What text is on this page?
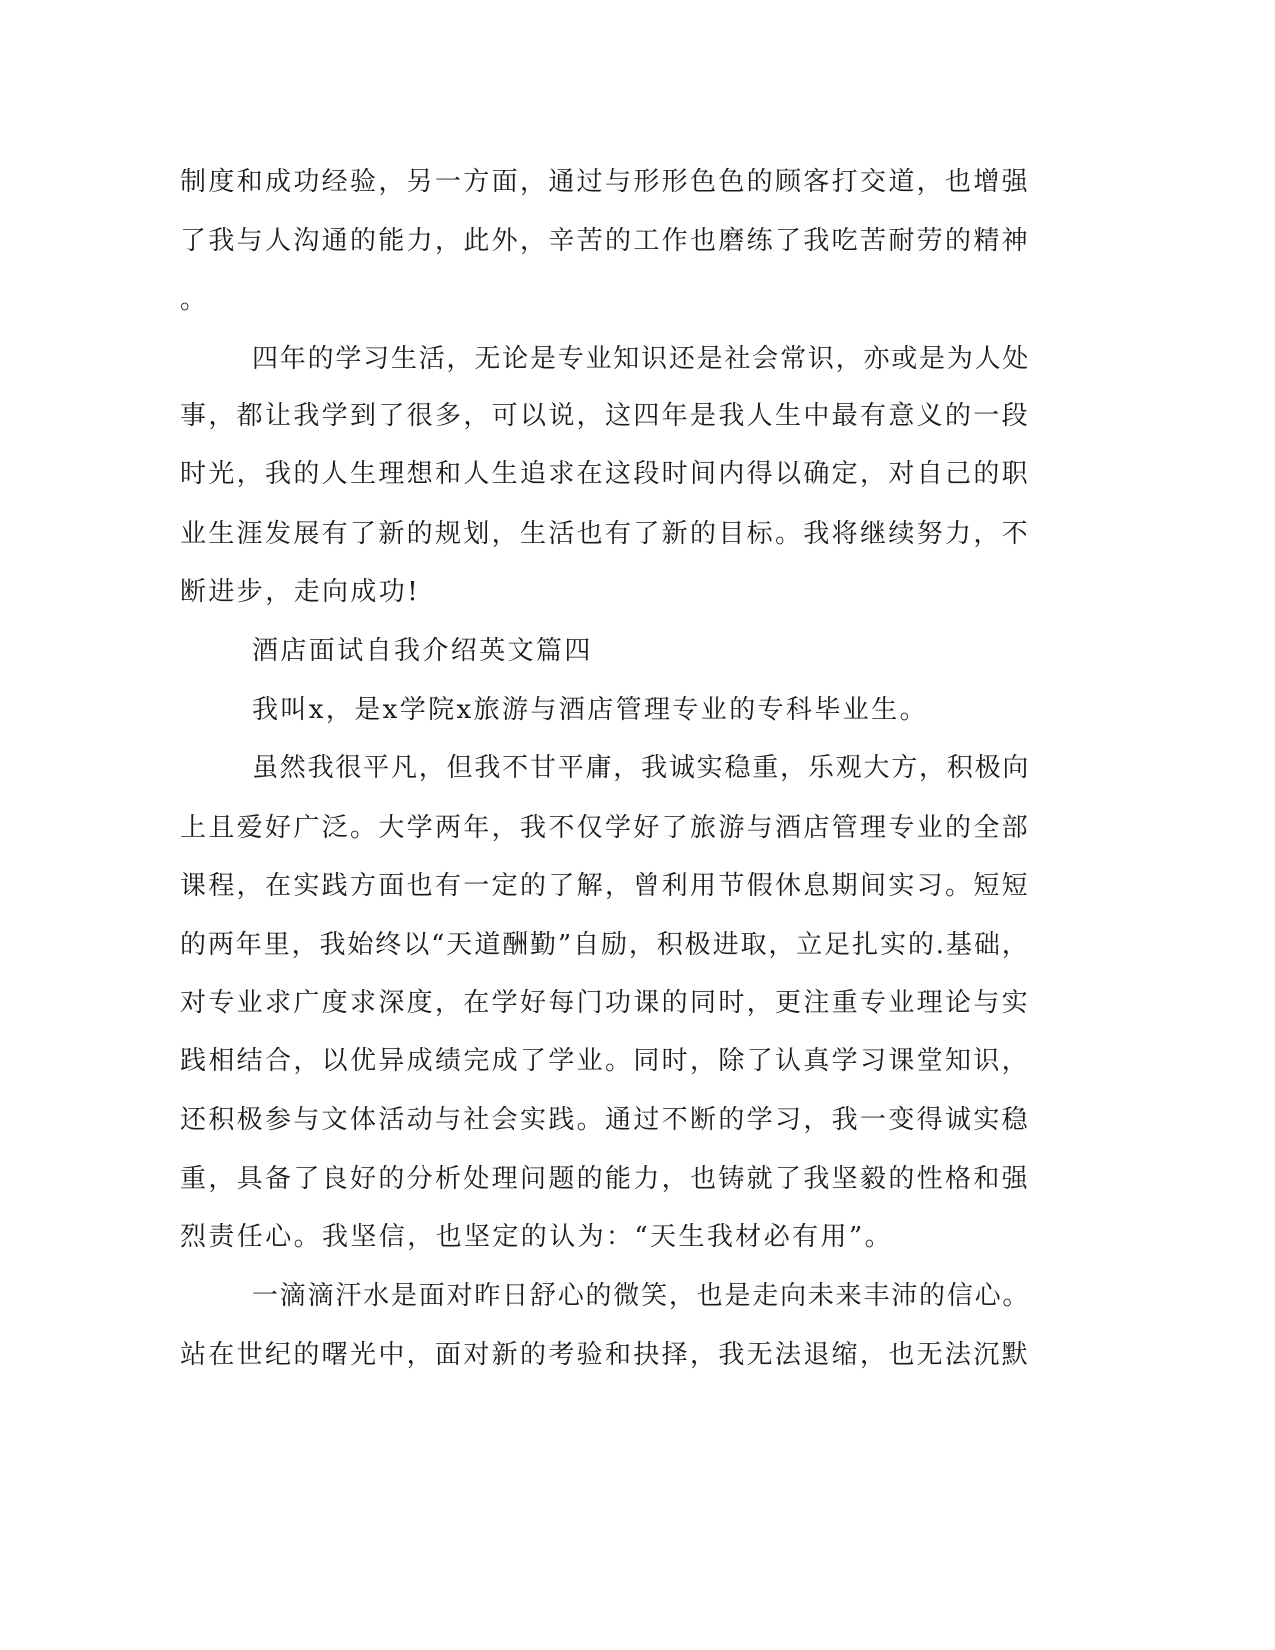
制度和成功经验，另一方面，通过与形形色色的顾客打交道，也增强
了我与人沟通的能力，此外，辛苦的工作也磨练了我吃苦耐劳的精神
。
四年的学习生活，无论是专业知识还是社会常识，亦或是为人处
事，都让我学到了很多，可以说，这四年是我人生中最有意义的一段
时光，我的人生理想和人生追求在这段时间内得以确定，对自己的职
业生涯发展有了新的规划，生活也有了新的目标。我将继续努力，不
断进步，走向成功!
酒店面试自我介绍英文篇四
我叫x，是x学院x旅游与酒店管理专业的专科毕业生。
虽然我很平凡，但我不甘平庸，我诚实稳重，乐观大方，积极向
上且爱好广泛。大学两年，我不仅学好了旅游与酒店管理专业的全部
课程，在实践方面也有一定的了解，曾利用节假休息期间实习。短短
的两年里，我始终以“天道酬勤”自励，积极进取，立足扎实的.基础，
对专业求广度求深度，在学好每门功课的同时，更注重专业理论与实
践相结合，以优异成绩完成了学业。同时，除了认真学习课堂知识，
还积极参与文体活动与社会实践。通过不断的学习，我一变得诚实稳
重，具备了良好的分析处理问题的能力，也铸就了我坚毅的性格和强
烈责任心。我坚信，也坚定的认为：“天生我材必有用”。
一滴滴汗水是面对昨日舒心的微笑，也是走向未来丰沛的信心。
站在世纪的曙光中，面对新的考验和抉择，我无法退缩，也无法沉默
